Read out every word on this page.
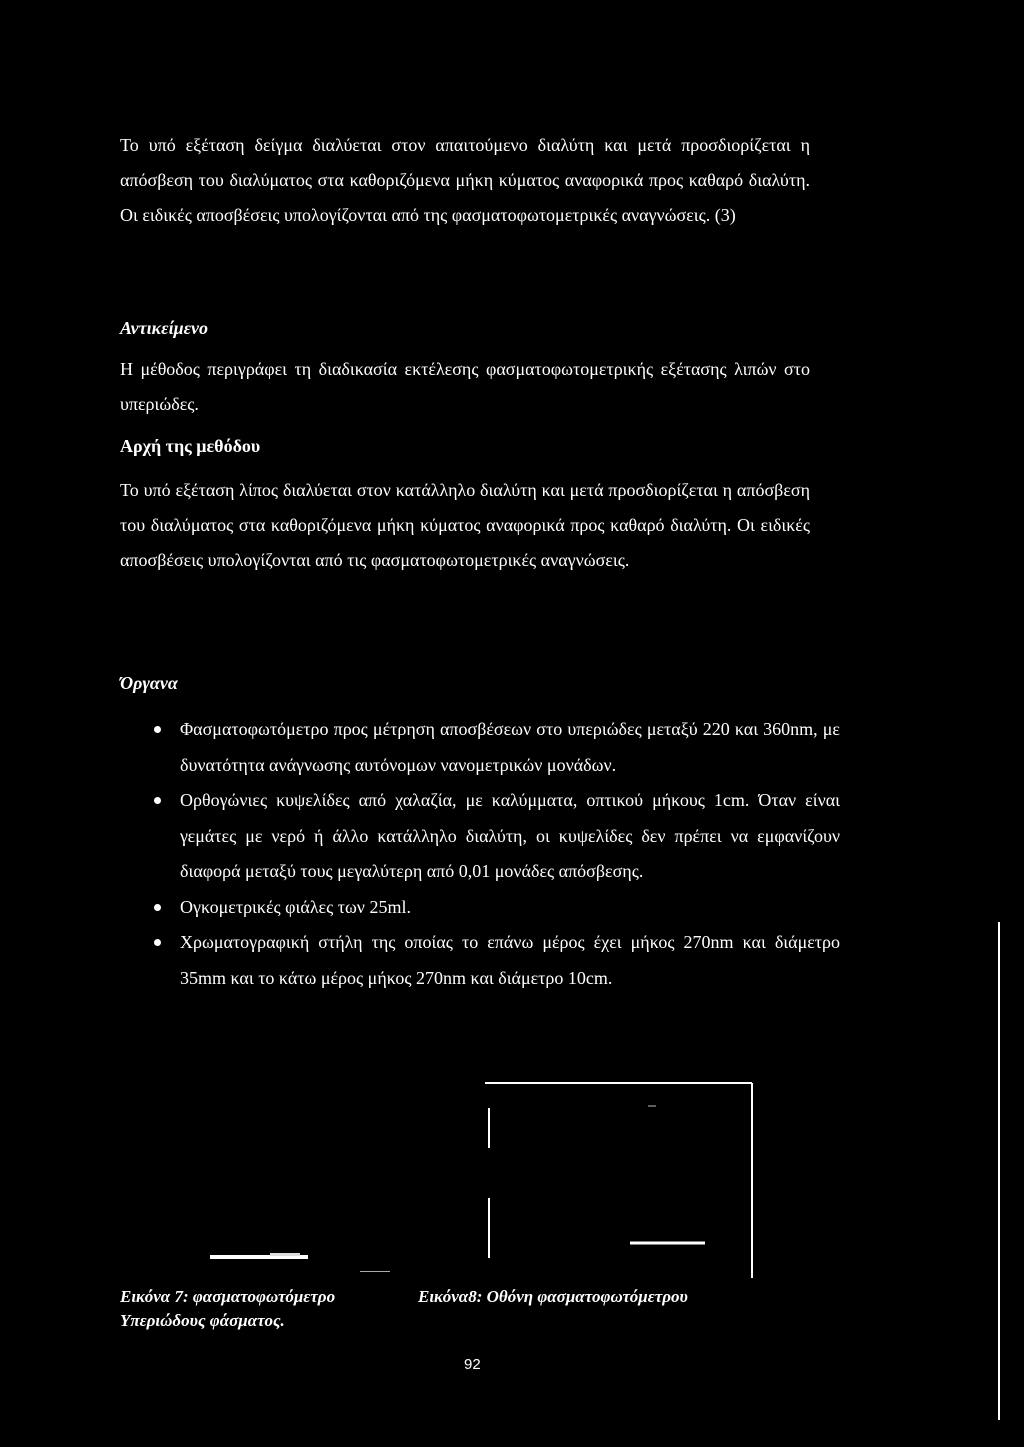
Το υπό εξέταση δείγμα διαλύεται στον απαιτούμενο διαλύτη και μετά προσδιορίζεται η απόσβεση του διαλύματος στα καθοριζόμενα μήκη κύματος αναφορικά προς καθαρό διαλύτη. Οι ειδικές αποσβέσεις υπολογίζονται από της φασματοφωτομετρικές αναγνώσεις. (3)

Αντικείμενο

Η μέθοδος περιγράφει τη διαδικασία εκτέλεσης φασματοφωτομετρικής εξέτασης λιπών στο υπεριώδες.

Αρχή της μεθόδου

Το υπό εξέταση λίπος διαλύεται στον κατάλληλο διαλύτη και μετά προσδιορίζεται η απόσβεση του διαλύματος στα καθοριζόμενα μήκη κύματος αναφορικά προς καθαρό διαλύτη. Οι ειδικές αποσβέσεις υπολογίζονται από τις φασματοφωτομετρικές αναγνώσεις.

Όργανα

Φασματοφωτόμετρο προς μέτρηση αποσβέσεων στο υπεριώδες μεταξύ 220 και 360nm, με δυνατότητα ανάγνωσης αυτόνομων νανομετρικών μονάδων.
Ορθογώνιες κυψελίδες από χαλαζία, με καλύμματα, οπτικού μήκους 1cm. Όταν είναι γεμάτες με νερό ή άλλο κατάλληλο διαλύτη, οι κυψελίδες δεν πρέπει να εμφανίζουν διαφορά μεταξύ τους μεγαλύτερη από 0,01 μονάδες απόσβεσης.
Ογκομετρικές φιάλες των 25ml.
Χρωματογραφική στήλη της οποίας το επάνω μέρος έχει μήκος 270nm και διάμετρο 35mm και το κάτω μέρος μήκος 270nm και διάμετρο 10cm.

Εικόνα 7: φασματοφωτόμετρο Υπεριώδους φάσματος.

Εικόνα8: Οθόνη φασματοφωτόμετρου

92
